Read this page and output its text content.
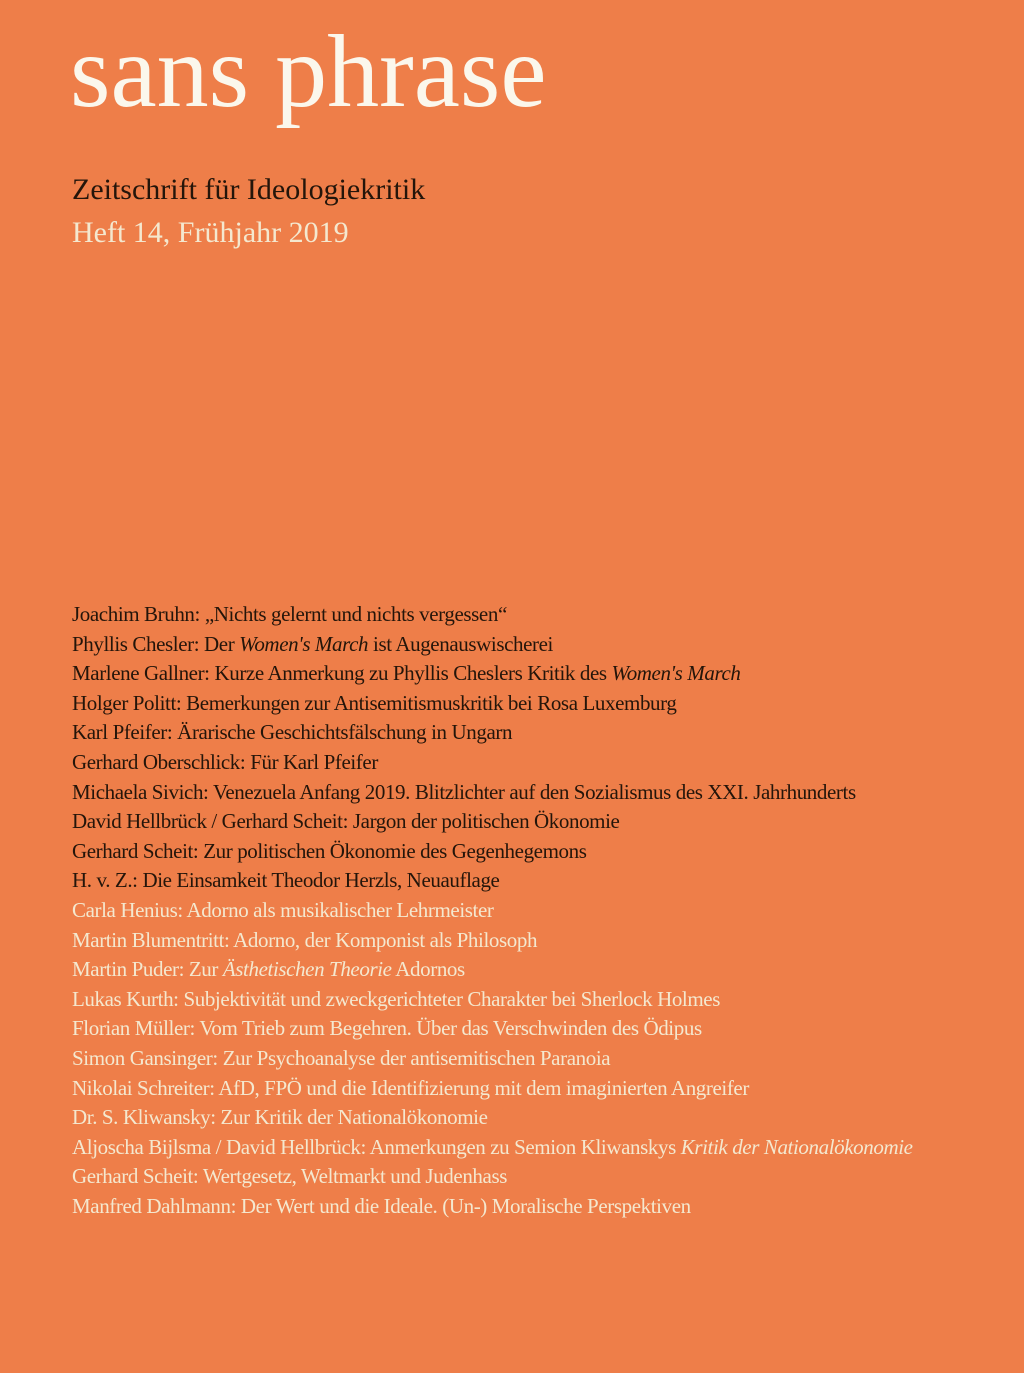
sans phrase
Zeitschrift für Ideologiekritik
Heft 14, Frühjahr 2019
Joachim Bruhn: „Nichts gelernt und nichts vergessen“
Phyllis Chesler: Der Women's March ist Augenauswischerei
Marlene Gallner: Kurze Anmerkung zu Phyllis Cheslers Kritik des Women's March
Holger Politt: Bemerkungen zur Antisemitismuskritik bei Rosa Luxemburg
Karl Pfeifer: Ärarische Geschichtsfälschung in Ungarn
Gerhard Oberschlick: Für Karl Pfeifer
Michaela Sivich: Venezuela Anfang 2019. Blitzlichter auf den Sozialismus des XXI. Jahrhunderts
David Hellbrück / Gerhard Scheit: Jargon der politischen Ökonomie
Gerhard Scheit: Zur politischen Ökonomie des Gegenhegemons
H. v. Z.: Die Einsamkeit Theodor Herzls, Neuauflage
Carla Henius: Adorno als musikalischer Lehrmeister
Martin Blumentritt: Adorno, der Komponist als Philosoph
Martin Puder: Zur Ästhetischen Theorie Adornos
Lukas Kurth: Subjektivität und zweckgerichteter Charakter bei Sherlock Holmes
Florian Müller: Vom Trieb zum Begehren. Über das Verschwinden des Ödipus
Simon Gansinger: Zur Psychoanalyse der antisemitischen Paranoia
Nikolai Schreiter: AfD, FPÖ und die Identifizierung mit dem imaginierten Angreifer
Dr. S. Kliwansky: Zur Kritik der Nationalökonomie
Aljoscha Bijlsma / David Hellbrück: Anmerkungen zu Semion Kliwanskys Kritik der Nationalökonomie
Gerhard Scheit: Wertgesetz, Weltmarkt und Judenhass
Manfred Dahlmann: Der Wert und die Ideale. (Un-) Moralische Perspektiven
